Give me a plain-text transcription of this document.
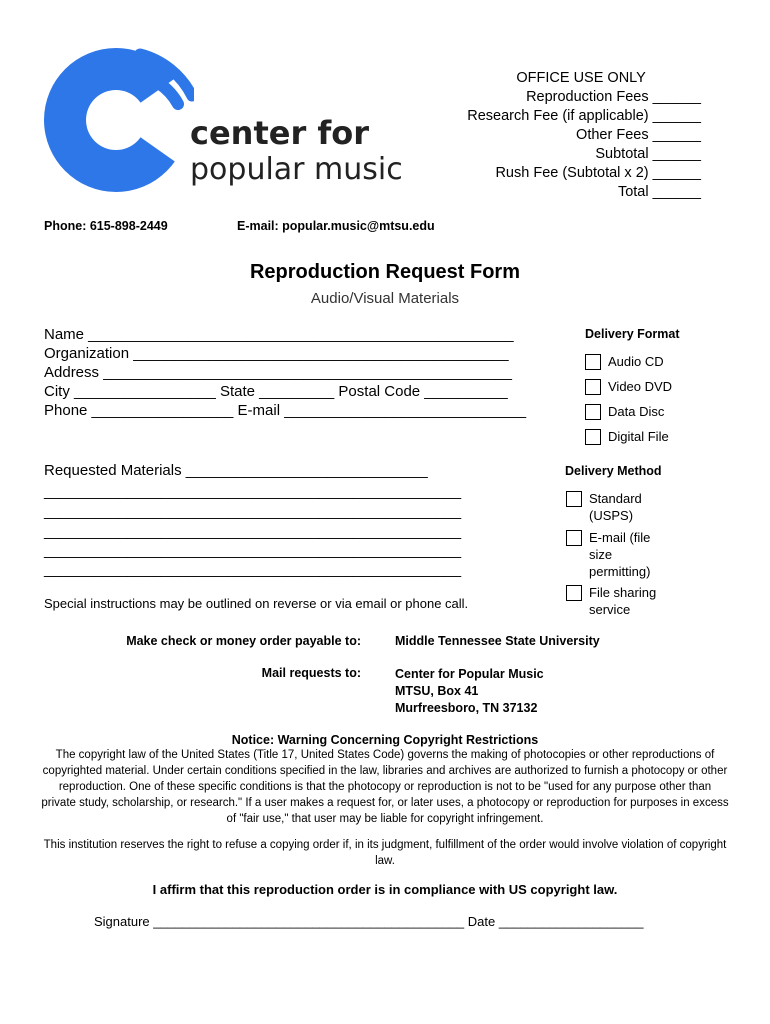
center for
popular music
OFFICE USE ONLY
Reproduction Fees ______
Research Fee (if applicable) ______
Other Fees ______
Subtotal ______
Rush Fee (Subtotal x 2) ______
Total ______
Phone: 615-898-2449	E-mail: popular.music@mtsu.edu
Reproduction Request Form
Audio/Visual Materials
Name ___________________________________________________
Organization _____________________________________________
Address _________________________________________________
City _________________ State _________ Postal Code __________
Phone _________________ E-mail _____________________________
Requested Materials _____________________________
__________________________________________________
__________________________________________________
__________________________________________________
__________________________________________________
__________________________________________________
Special instructions may be outlined on reverse or via email or phone call.
Delivery Format
Audio CD
Video DVD
Data Disc
Digital File
Delivery Method
Standard (USPS)
E-mail (file size permitting)
File sharing service
Make check or money order payable to:	Middle Tennessee State University
Mail requests to:	Center for Popular Music
MTSU, Box 41
Murfreesboro, TN 37132
Notice: Warning Concerning Copyright Restrictions
The copyright law of the United States (Title 17, United States Code) governs the making of photocopies or other reproductions of copyrighted material. Under certain conditions specified in the law, libraries and archives are authorized to furnish a photocopy or other reproduction. One of these specific conditions is that the photocopy or reproduction is not to be "used for any purpose other than private study, scholarship, or research." If a user makes a request for, or later uses, a photocopy or reproduction for purposes in excess of "fair use," that user may be liable for copyright infringement.
This institution reserves the right to refuse a copying order if, in its judgment, fulfillment of the order would involve violation of copyright law.
I affirm that this reproduction order is in compliance with US copyright law.
Signature ___________________________________________ Date ____________________
